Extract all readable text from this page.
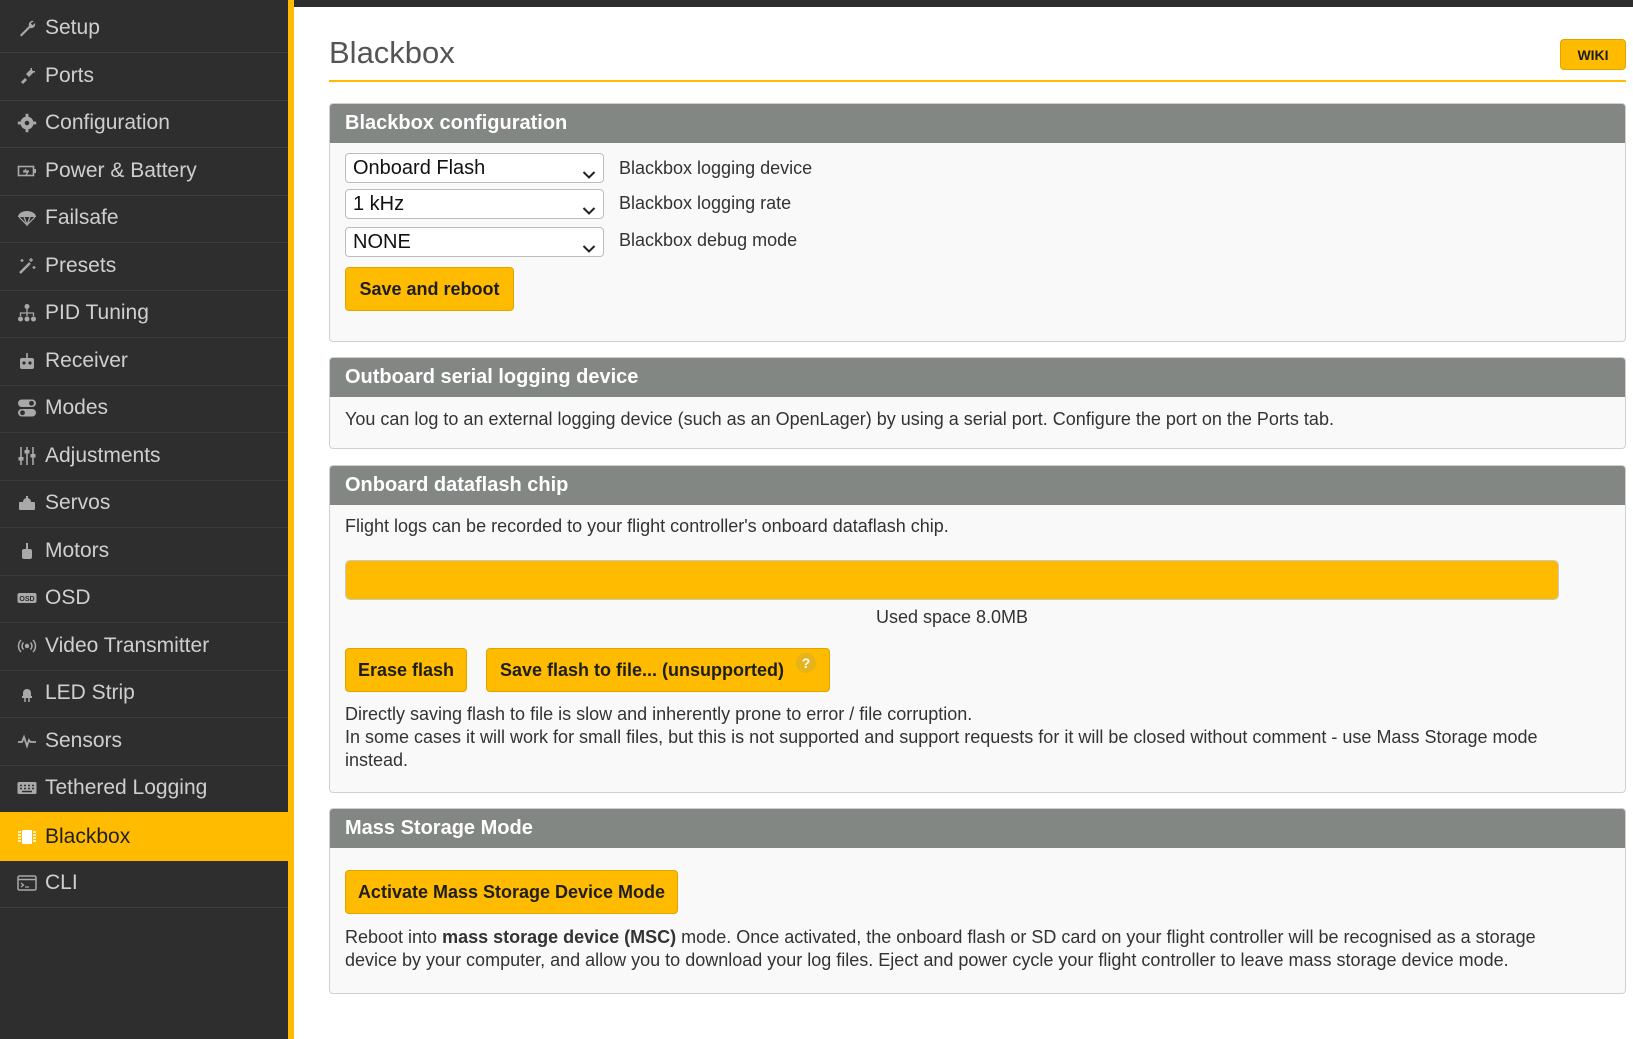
Setup
Ports
Configuration
Power & Battery
Failsafe
Presets
PID Tuning
Receiver
Modes
Adjustments
Servos
Motors
OSD OSD
Video Transmitter
LED Strip
Sensors
Tethered Logging
Blackbox
CLI
Blackbox	WIKI
Blackbox configuration
Onboard Flash	Blackbox logging device
1 kHz	Blackbox logging rate
NONE	Blackbox debug mode
Save and reboot
Outboard serial logging device

You can log to an external logging device (such as an OpenLager) by using a serial port. Configure the port on the Ports tab.

Onboard dataflash chip

Flight logs can be recorded to your flight controller's onboard dataflash chip.

Used space 8.0MB
Erase flash	Save flash to file... (unsupported)	?

Directly saving flash to file is slow and inherently prone to error / file corruption.

In some cases it will work for small files, but this is not supported and support requests for it will be closed without comment - use Mass Storage mode instead.

Mass Storage Mode
Activate Mass Storage Device Mode

Reboot into mass storage device (MSC) mode. Once activated, the onboard flash or SD card on your flight controller will be recognised as a storage device by your computer, and allow you to download your log files. Eject and power cycle your flight controller to leave mass storage device mode.
